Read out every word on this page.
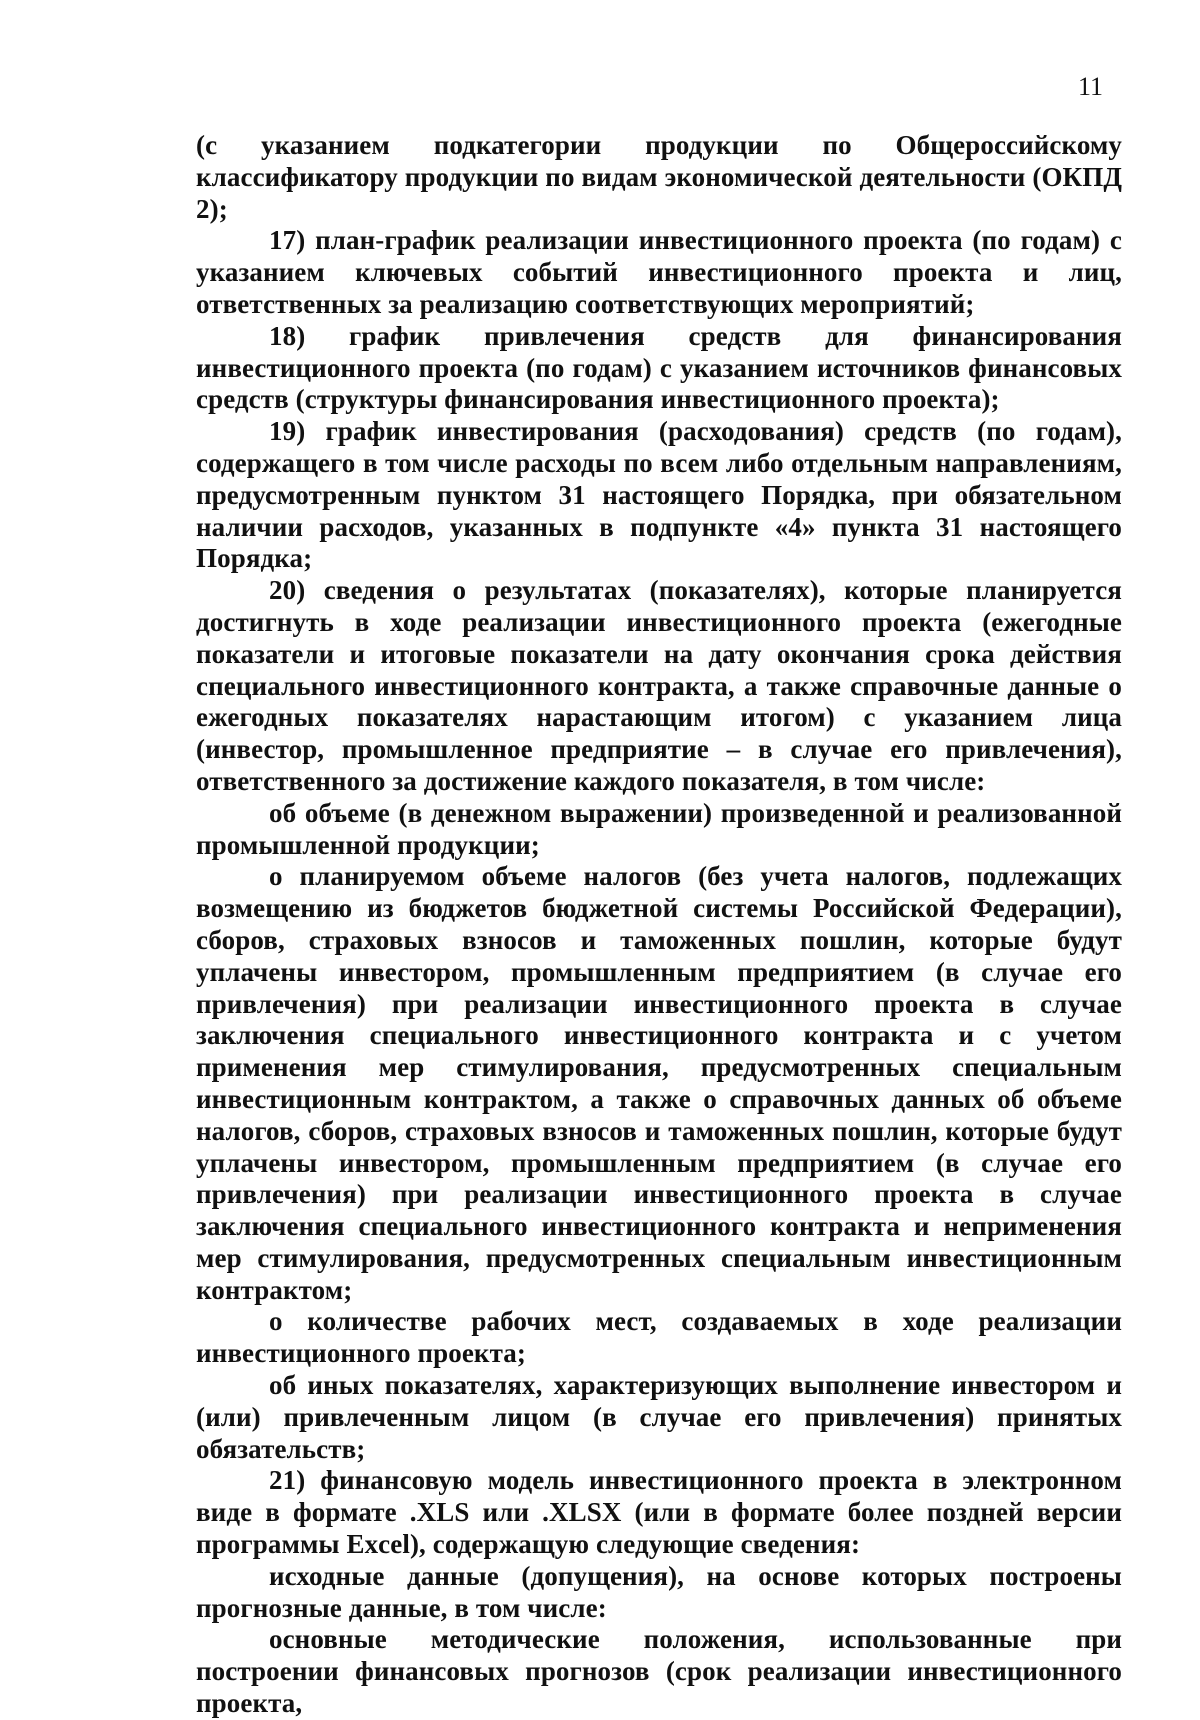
11

(с указанием подкатегории продукции по Общероссийскому классификатору продукции по видам экономической деятельности (ОКПД 2);

17) план-график реализации инвестиционного проекта (по годам) с указанием ключевых событий инвестиционного проекта и лиц, ответственных за реализацию соответствующих мероприятий;

18) график привлечения средств для финансирования инвестиционного проекта (по годам) с указанием источников финансовых средств (структуры финансирования инвестиционного проекта);

19) график инвестирования (расходования) средств (по годам), содержащего в том числе расходы по всем либо отдельным направлениям, предусмотренным пунктом 31 настоящего Порядка, при обязательном наличии расходов, указанных в подпункте «4» пункта 31 настоящего Порядка;

20) сведения о результатах (показателях), которые планируется достигнуть в ходе реализации инвестиционного проекта (ежегодные показатели и итоговые показатели на дату окончания срока действия специального инвестиционного контракта, а также справочные данные о ежегодных показателях нарастающим итогом) с указанием лица (инвестор, промышленное предприятие – в случае его привлечения), ответственного за достижение каждого показателя, в том числе:

об объеме (в денежном выражении) произведенной и реализованной промышленной продукции;

о планируемом объеме налогов (без учета налогов, подлежащих возмещению из бюджетов бюджетной системы Российской Федерации), сборов, страховых взносов и таможенных пошлин, которые будут уплачены инвестором, промышленным предприятием (в случае его привлечения) при реализации инвестиционного проекта в случае заключения специального инвестиционного контракта и с учетом применения мер стимулирования, предусмотренных специальным инвестиционным контрактом, а также о справочных данных об объеме налогов, сборов, страховых взносов и таможенных пошлин, которые будут уплачены инвестором, промышленным предприятием (в случае его привлечения) при реализации инвестиционного проекта в случае заключения специального инвестиционного контракта и неприменения мер стимулирования, предусмотренных специальным инвестиционным контрактом;

о количестве рабочих мест, создаваемых в ходе реализации инвестиционного проекта;

об иных показателях, характеризующих выполнение инвестором и (или) привлеченным лицом (в случае его привлечения) принятых обязательств;

21) финансовую модель инвестиционного проекта в электронном виде в формате .XLS или .XLSX (или в формате более поздней версии программы Excel), содержащую следующие сведения:

исходные данные (допущения), на основе которых построены прогнозные данные, в том числе:

основные методические положения, использованные при построении финансовых прогнозов (срок реализации инвестиционного проекта,
